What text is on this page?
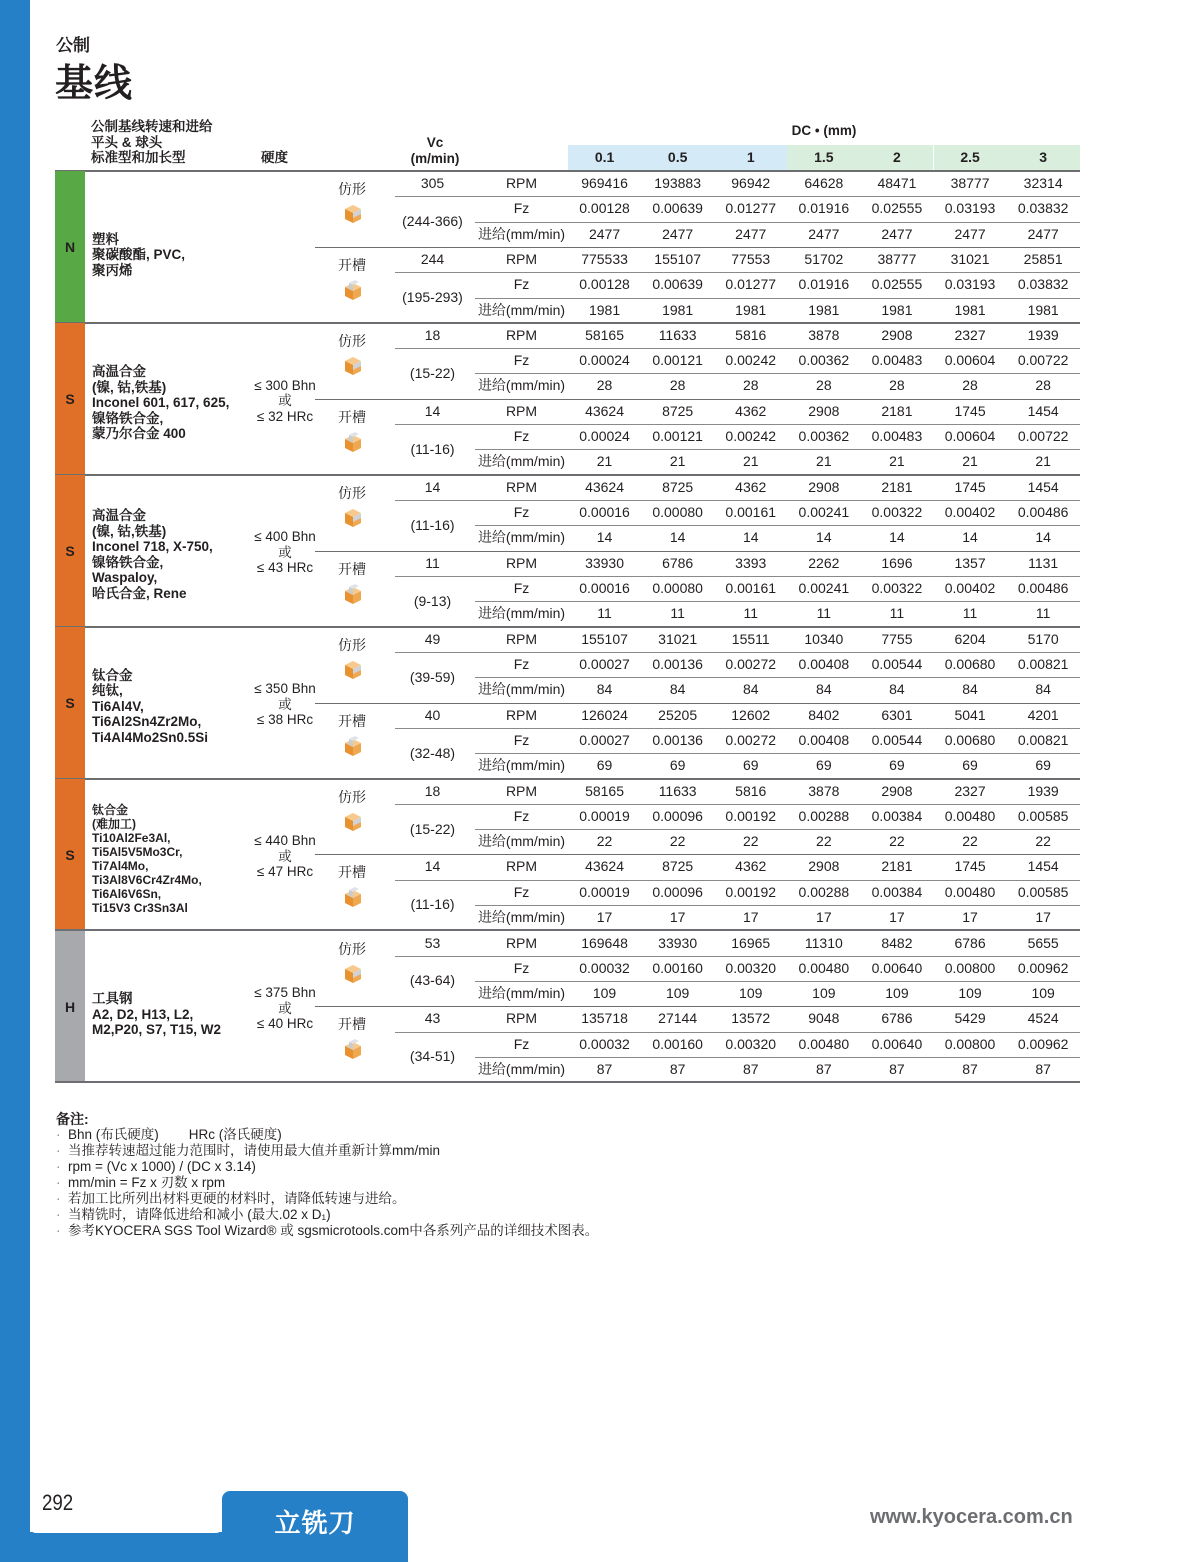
292
立铣刀	www.kyocera.com.cn
公制
基线
公制基线转速和进给
平头 & 球头
标准型和加长型	硬度
Vc
(m/min)
DC • (mm)
0.1	0.5	1	1.5	2	2.5	3
N	塑料
聚碳酸酯, PVC,
聚丙烯
仿形	305
(244-366)
RPM	969416	193883	96942	64628	48471	38777	32314
Fz	0.00128	0.00639	0.01277	0.01916	0.02555	0.03193	0.03832
进给(mm/min)	2477	2477	2477	2477	2477	2477	2477
开槽	244
(195-293)
RPM	775533	155107	77553	51702	38777	31021	25851
Fz	0.00128	0.00639	0.01277	0.01916	0.02555	0.03193	0.03832
进给(mm/min)	1981	1981	1981	1981	1981	1981	1981
S
高温合金
(镍, 钴,铁基)
Inconel 601, 617, 625,
镍铬铁合金,
蒙乃尔合金 400
≤ 300 Bhn
或
≤ 32 HRc
仿形	18
(15-22)
RPM	58165	11633	5816	3878	2908	2327	1939
Fz	0.00024	0.00121	0.00242	0.00362	0.00483	0.00604	0.00722
进给(mm/min)	28	28	28	28	28	28	28
开槽	14
(11-16)
RPM	43624	8725	4362	2908	2181	1745	1454
Fz	0.00024	0.00121	0.00242	0.00362	0.00483	0.00604	0.00722
进给(mm/min)	21	21	21	21	21	21	21
S
高温合金
(镍, 钴,铁基)
Inconel 718, X-750,
镍铬铁合金,
Waspaloy,
哈氏合金, Rene
≤ 400 Bhn
或
≤ 43 HRc
仿形	14
(11-16)
RPM	43624	8725	4362	2908	2181	1745	1454
Fz	0.00016	0.00080	0.00161	0.00241	0.00322	0.00402	0.00486
进给(mm/min)	14	14	14	14	14	14	14
开槽	11
(9-13)
RPM	33930	6786	3393	2262	1696	1357	1131
Fz	0.00016	0.00080	0.00161	0.00241	0.00322	0.00402	0.00486
进给(mm/min)	11	11	11	11	11	11	11
S
钛合金
纯钛,
Ti6Al4V,
Ti6Al2Sn4Zr2Mo,
Ti4Al4Mo2Sn0.5Si
≤ 350 Bhn
或
≤ 38 HRc
仿形	49
(39-59)
RPM	155107	31021	15511	10340	7755	6204	5170
Fz	0.00027	0.00136	0.00272	0.00408	0.00544	0.00680	0.00821
进给(mm/min)	84	84	84	84	84	84	84
开槽	40
(32-48)
RPM	126024	25205	12602	8402	6301	5041	4201
Fz	0.00027	0.00136	0.00272	0.00408	0.00544	0.00680	0.00821
进给(mm/min)	69	69	69	69	69	69	69
S
钛合金
(难加工)
Ti10Al2Fe3Al,
Ti5Al5V5Mo3Cr,
Ti7Al4Mo,
Ti3Al8V6Cr4Zr4Mo,
Ti6Al6V6Sn,
Ti15V3 Cr3Sn3Al
≤ 440 Bhn
或
≤ 47 HRc
仿形	18
(15-22)
RPM	58165	11633	5816	3878	2908	2327	1939
Fz	0.00019	0.00096	0.00192	0.00288	0.00384	0.00480	0.00585
进给(mm/min)	22	22	22	22	22	22	22
开槽	14
(11-16)
RPM	43624	8725	4362	2908	2181	1745	1454
Fz	0.00019	0.00096	0.00192	0.00288	0.00384	0.00480	0.00585
进给(mm/min)	17	17	17	17	17	17	17
H	工具钢
A2, D2, H13, L2,
M2,P20, S7, T15, W2
≤ 375 Bhn
或
≤ 40 HRc
仿形	53
(43-64)
RPM	169648	33930	16965	11310	8482	6786	5655
Fz	0.00032	0.00160	0.00320	0.00480	0.00640	0.00800	0.00962
进给(mm/min)	109	109	109	109	109	109	109
开槽	43
(34-51)
RPM	135718	27144	13572	9048	6786	5429	4524
Fz	0.00032	0.00160	0.00320	0.00480	0.00640	0.00800	0.00962
进给(mm/min)	87	87	87	87	87	87	87
备注:
· Bhn (布氏硬度)        HRc (洛氏硬度)
· 当推荐转速超过能力范围时，请使用最大值并重新计算mm/min
· rpm = (Vc x 1000) / (DC x 3.14)
· mm/min = Fz x 刃数 x rpm
· 若加工比所列出材料更硬的材料时，请降低转速与进给。
· 当精铣时，请降低进给和减小 (最大.02 x D₁)
· 参考KYOCERA SGS Tool Wizard® 或 sgsmicrotools.com中各系列产品的详细技术图表。
